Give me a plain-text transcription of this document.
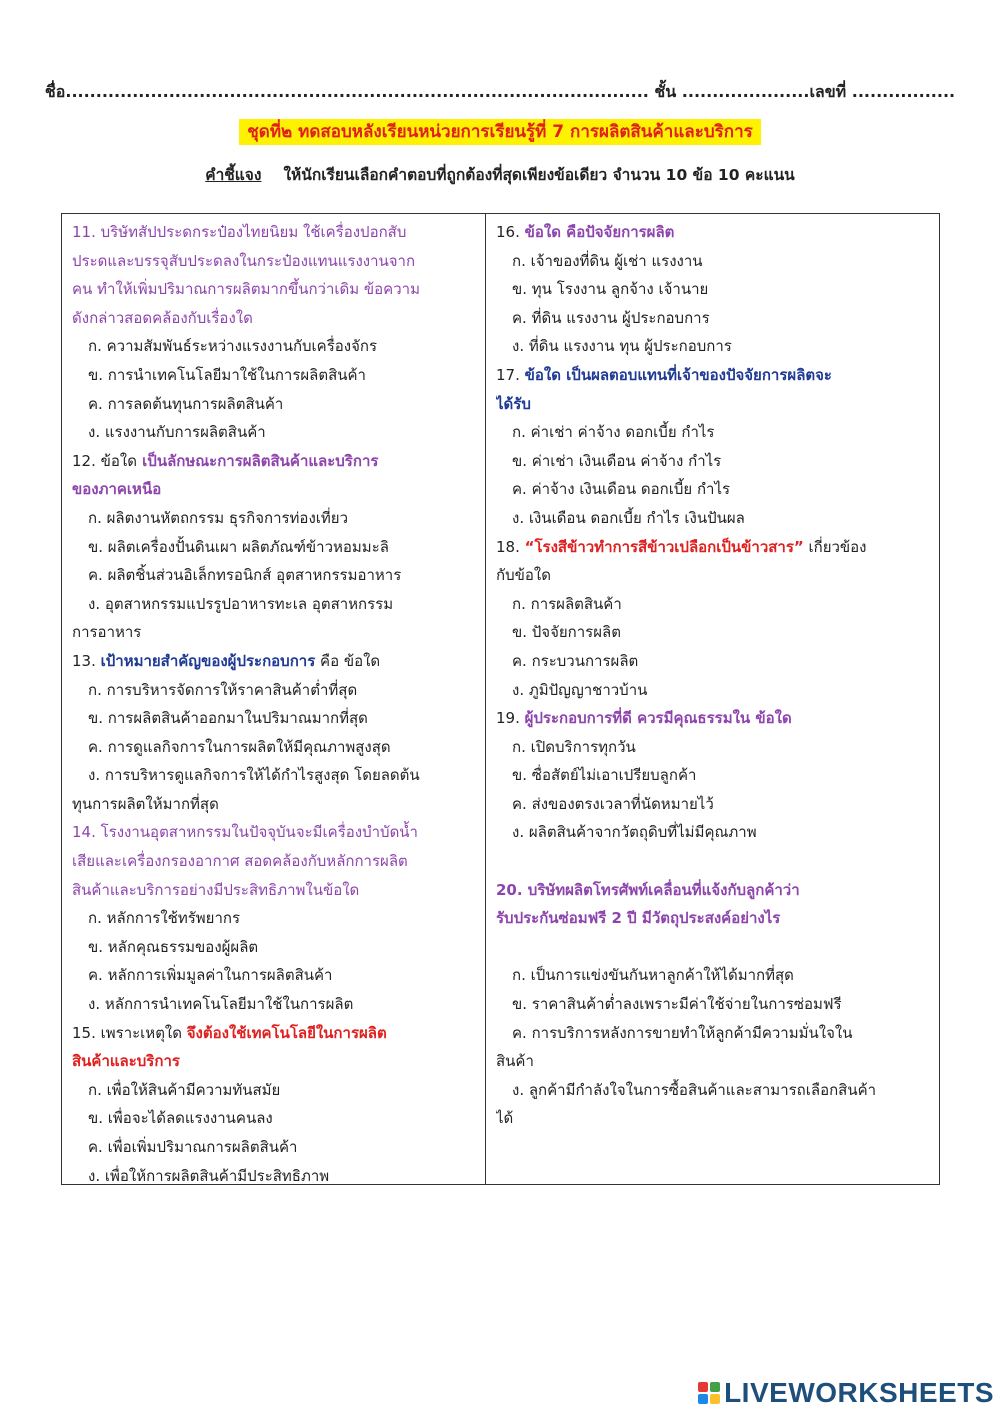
ชื่อ................................................................................................ ชั้น .....................เลขที่ .................
ชุดที่๒ ทดสอบหลังเรียนหน่วยการเรียนรู้ที่ 7 การผลิตสินค้าและบริการ
คำชี้แจง ให้นักเรียนเลือกคำตอบที่ถูกต้องที่สุดเพียงข้อเดียว จำนวน 10 ข้อ 10 คะแนน
11. บริษัทสัปประดกระป๋องไทยนิยม ใช้เครื่องปอกสับ
ประดและบรรจุสับประดลงในกระป๋องแทนแรงงานจาก
คน ทำให้เพิ่มปริมาณการผลิตมากขึ้นกว่าเดิม ข้อความ
ดังกล่าวสอดคล้องกับเรื่องใด
ก. ความสัมพันธ์ระหว่างแรงงานกับเครื่องจักร
ข. การนำเทคโนโลยีมาใช้ในการผลิตสินค้า
ค. การลดต้นทุนการผลิตสินค้า
ง. แรงงานกับการผลิตสินค้า
12. ข้อใด เป็นลักษณะการผลิตสินค้าและบริการ
ของภาคเหนือ
ก. ผลิตงานหัตถกรรม ธุรกิจการท่องเที่ยว
ข. ผลิตเครื่องปั้นดินเผา ผลิตภัณฑ์ข้าวหอมมะลิ
ค. ผลิตชิ้นส่วนอิเล็กทรอนิกส์ อุตสาหกรรมอาหาร
ง. อุตสาหกรรมแปรรูปอาหารทะเล อุตสาหกรรม
การอาหาร
13. เป้าหมายสำคัญของผู้ประกอบการ คือ ข้อใด
ก. การบริหารจัดการให้ราคาสินค้าต่ำที่สุด
ข. การผลิตสินค้าออกมาในปริมาณมากที่สุด
ค. การดูแลกิจการในการผลิตให้มีคุณภาพสูงสุด
ง. การบริหารดูแลกิจการให้ได้กำไรสูงสุด โดยลดต้น
ทุนการผลิตให้มากที่สุด
14. โรงงานอุตสาหกรรมในปัจจุบันจะมีเครื่องบำบัดน้ำ
เสียและเครื่องกรองอากาศ สอดคล้องกับหลักการผลิต
สินค้าและบริการอย่างมีประสิทธิภาพในข้อใด
ก. หลักการใช้ทรัพยากร
ข. หลักคุณธรรมของผู้ผลิต
ค. หลักการเพิ่มมูลค่าในการผลิตสินค้า
ง. หลักการนำเทคโนโลยีมาใช้ในการผลิต
15. เพราะเหตุใด จึงต้องใช้เทคโนโลยีในการผลิต
สินค้าและบริการ
ก. เพื่อให้สินค้ามีความทันสมัย
ข. เพื่อจะได้ลดแรงงานคนลง
ค. เพื่อเพิ่มปริมาณการผลิตสินค้า
ง. เพื่อให้การผลิตสินค้ามีประสิทธิภาพ
16. ข้อใด คือปัจจัยการผลิต
ก. เจ้าของที่ดิน ผู้เช่า แรงงาน
ข. ทุน โรงงาน ลูกจ้าง เจ้านาย
ค. ที่ดิน แรงงาน ผู้ประกอบการ
ง. ที่ดิน แรงงาน ทุน ผู้ประกอบการ
17. ข้อใด เป็นผลตอบแทนที่เจ้าของปัจจัยการผลิตจะ
ได้รับ
ก. ค่าเช่า ค่าจ้าง ดอกเบี้ย กำไร
ข. ค่าเช่า เงินเดือน ค่าจ้าง กำไร
ค. ค่าจ้าง เงินเดือน ดอกเบี้ย กำไร
ง. เงินเดือน ดอกเบี้ย กำไร เงินปันผล
18. “โรงสีข้าวทำการสีข้าวเปลือกเป็นข้าวสาร” เกี่ยวข้อง
กับข้อใด
ก. การผลิตสินค้า
ข. ปัจจัยการผลิต
ค. กระบวนการผลิต
ง. ภูมิปัญญาชาวบ้าน
19. ผู้ประกอบการที่ดี ควรมีคุณธรรมใน ข้อใด
ก. เปิดบริการทุกวัน
ข. ซื่อสัตย์ไม่เอาเปรียบลูกค้า
ค. ส่งของตรงเวลาที่นัดหมายไว้
ง. ผลิตสินค้าจากวัตถุดิบที่ไม่มีคุณภาพ
20. บริษัทผลิตโทรศัพท์เคลื่อนที่แจ้งกับลูกค้าว่า
รับประกันซ่อมฟรี 2 ปี มีวัตถุประสงค์อย่างไร
ก. เป็นการแข่งขันกันหาลูกค้าให้ได้มากที่สุด
ข. ราคาสินค้าต่ำลงเพราะมีค่าใช้จ่ายในการซ่อมฟรี
ค. การบริการหลังการขายทำให้ลูกค้ามีความมั่นใจใน
สินค้า
ง. ลูกค้ามีกำลังใจในการซื้อสินค้าและสามารถเลือกสินค้า
ได้
LIVEWORKSHEETS
